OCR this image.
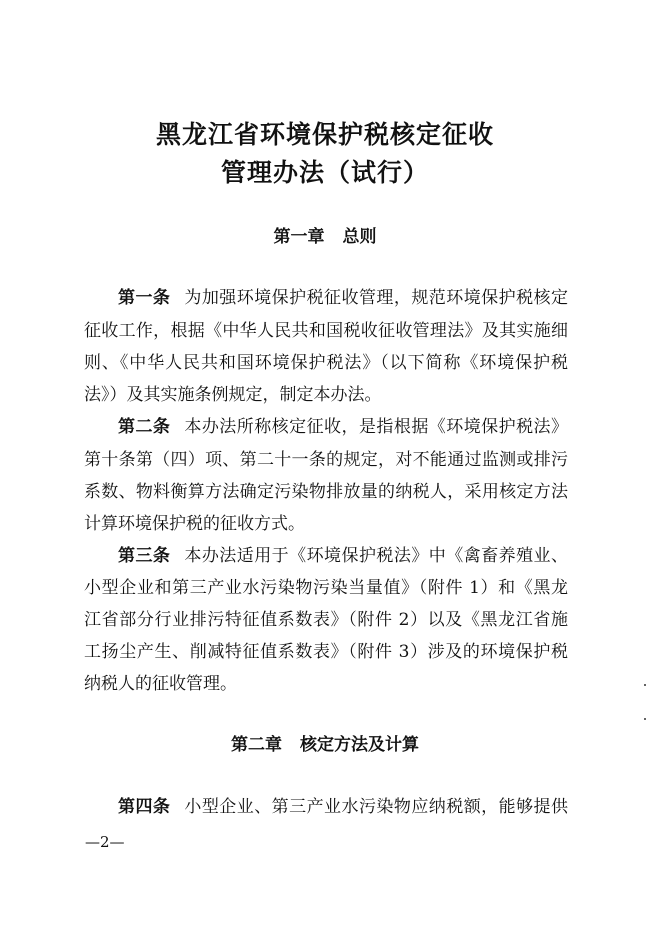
黑龙江省环境保护税核定征收
管理办法（试行）
第一章 总则
第一条 为加强环境保护税征收管理，规范环境保护税核定
征收工作，根据《中华人民共和国税收征收管理法》及其实施细
则、《中华人民共和国环境保护税法》（以下简称《环境保护税
法》）及其实施条例规定，制定本办法。
第二条 本办法所称核定征收，是指根据《环境保护税法》
第十条第（四）项、第二十一条的规定，对不能通过监测或排污
系数、物料衡算方法确定污染物排放量的纳税人，采用核定方法
计算环境保护税的征收方式。
第三条 本办法适用于《环境保护税法》中《禽畜养殖业、
小型企业和第三产业水污染物污染当量值》（附件 1）和《黑龙
江省部分行业排污特征值系数表》（附件 2）以及《黑龙江省施
工扬尘产生、削减特征值系数表》（附件 3）涉及的环境保护税
纳税人的征收管理。
第二章 核定方法及计算
第四条 小型企业、第三产业水污染物应纳税额，能够提供
—2—
